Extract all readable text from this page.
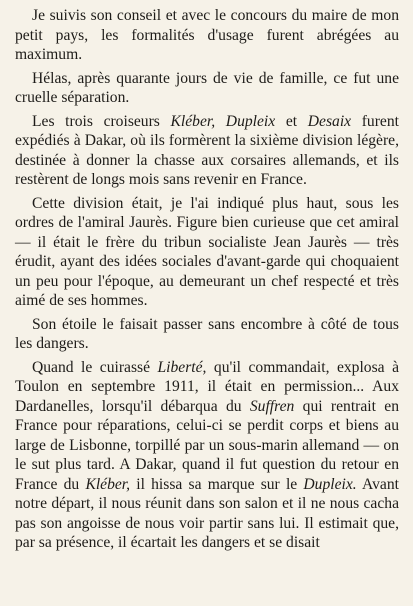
Je suivis son conseil et avec le concours du maire de mon petit pays, les formalités d'usage furent abrégées au maximum.

Hélas, après quarante jours de vie de famille, ce fut une cruelle séparation.

Les trois croiseurs Kléber, Dupleix et Desaix furent expédiés à Dakar, où ils formèrent la sixième division légère, destinée à donner la chasse aux corsaires allemands, et ils restèrent de longs mois sans revenir en France.

Cette division était, je l'ai indiqué plus haut, sous les ordres de l'amiral Jaurès. Figure bien curieuse que cet amiral — il était le frère du tribun socialiste Jean Jaurès — très érudit, ayant des idées sociales d'avant-garde qui choquaient un peu pour l'époque, au demeurant un chef respecté et très aimé de ses hommes.

Son étoile le faisait passer sans encombre à côté de tous les dangers.

Quand le cuirassé Liberté, qu'il commandait, explosa à Toulon en septembre 1911, il était en permission... Aux Dardanelles, lorsqu'il débarqua du Suffren qui rentrait en France pour réparations, celui-ci se perdit corps et biens au large de Lisbonne, torpillé par un sous-marin allemand — on le sut plus tard. A Dakar, quand il fut question du retour en France du Kléber, il hissa sa marque sur le Dupleix. Avant notre départ, il nous réunit dans son salon et il ne nous cacha pas son angoisse de nous voir partir sans lui. Il estimait que, par sa présence, il écartait les dangers et se disait
